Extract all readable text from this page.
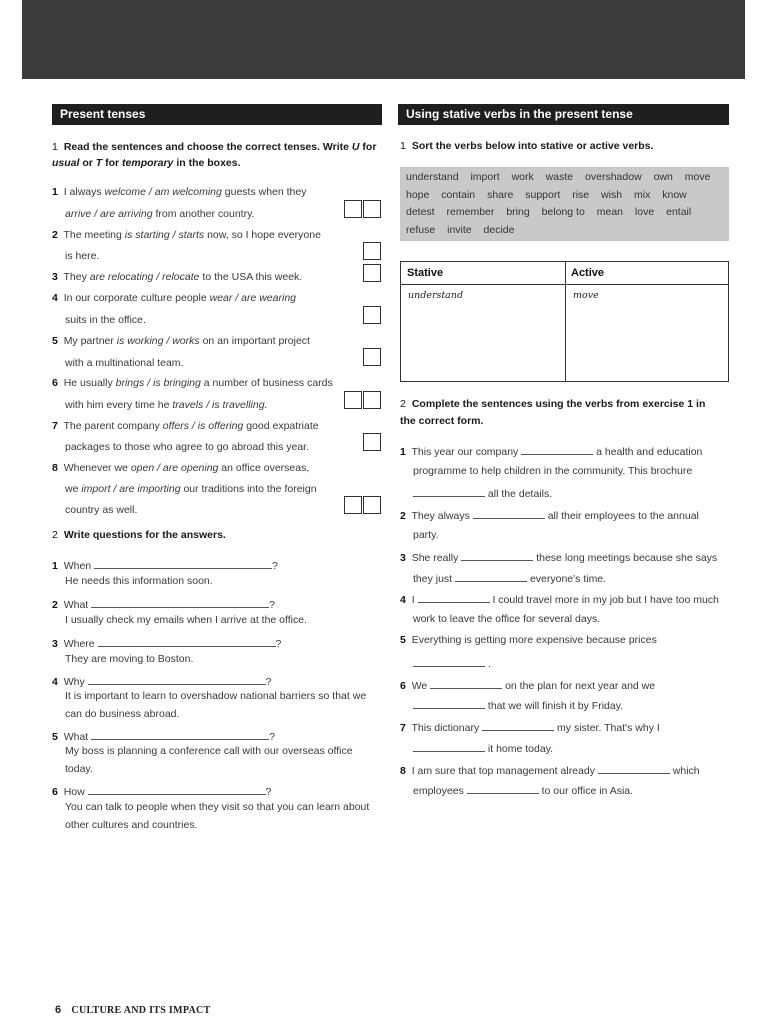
Present tenses
1 Read the sentences and choose the correct tenses. Write U for
usual or T for temporary in the boxes.
1 I always welcome / am welcoming guests when they
arrive / are arriving from another country.
2 The meeting is starting / starts now, so I hope everyone
is here.
3 They are relocating / relocate to the USA this week.
4 In our corporate culture people wear / are wearing
suits in the office.
5 My partner is working / works on an important project
with a multinational team.
6 He usually brings / is bringing a number of business cards
with him every time he travels / is travelling.
7 The parent company offers / is offering good expatriate
packages to those who agree to go abroad this year.
8 Whenever we open / are opening an office overseas,
we import / are importing our traditions into the foreign
country as well.
2 Write questions for the answers.
1 When	?
He needs this information soon.
2 What	?
I usually check my emails when I arrive at the office.
3 Where	?
They are moving to Boston.
4 Why	?
It is important to learn to overshadow national barriers so that we
can do business abroad.
5 What	?
My boss is planning a conference call with our overseas office
today.
6 How	?
You can talk to people when they visit so that you can learn about
other cultures and countries.
Using stative verbs in the present tense
1 Sort the verbs below into stative or active verbs.
understand import work waste overshadow own move hope contain share support rise wish mix know detest remember bring belong to mean love entail refuse invite decide
Stative	Active
understand	move
2 Complete the sentences using the verbs from exercise 1 in
the correct form.
1 This year our company	a health and education
programme to help children in the community. This brochure
all the details.
2 They always	all their employees to the annual
party.
3 She really	these long meetings because she says
they just	everyone's time.
4 I	I could travel more in my job but I have too much
work to leave the office for several days.
5 Everything is getting more expensive because prices
.
6 We	on the plan for next year and we
that we will finish it by Friday.
7 This dictionary	my sister. That's why I
it home today.
8 I am sure that top management already	which
employees	to our office in Asia.
6 CULTURE AND ITS IMPACT
